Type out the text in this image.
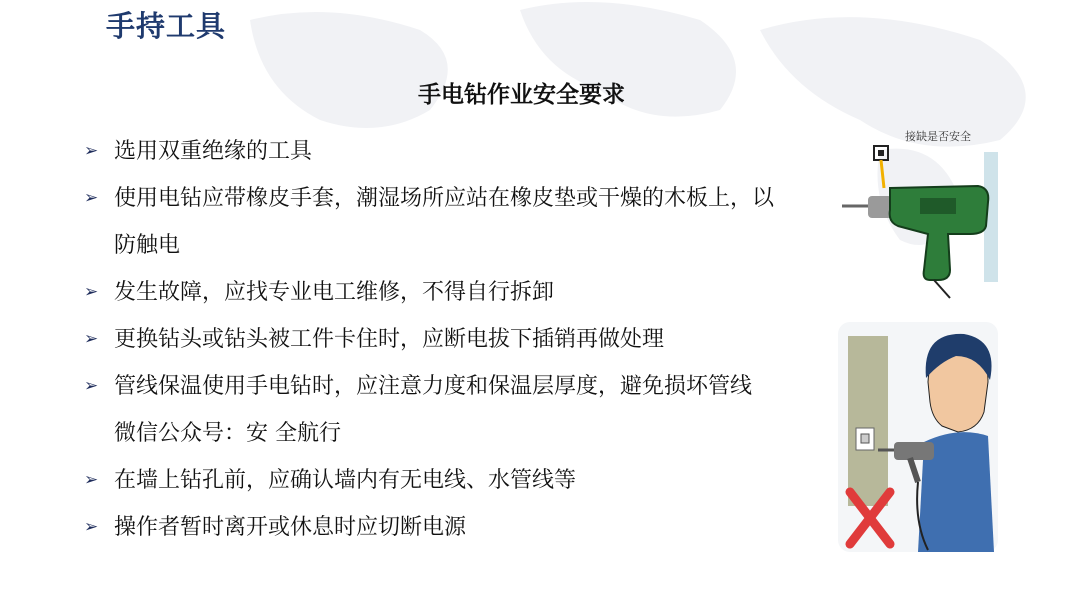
手持工具
手电钻作业安全要求
➢ 选用双重绝缘的工具
➢ 使用电钻应带橡皮手套，潮湿场所应站在橡皮垫或干燥的木板上，以防触电
➢ 发生故障，应找专业电工维修，不得自行拆卸
➢ 更换钻头或钻头被工件卡住时，应断电拔下插销再做处理
➢ 管线保温使用手电钻时，应注意力度和保温层厚度，避免损坏管线　微信公众号：安 全航行
➢ 在墙上钻孔前，应确认墙内有无电线、水管线等
➢ 操作者暂时离开或休息时应切断电源
接缺是否安全
